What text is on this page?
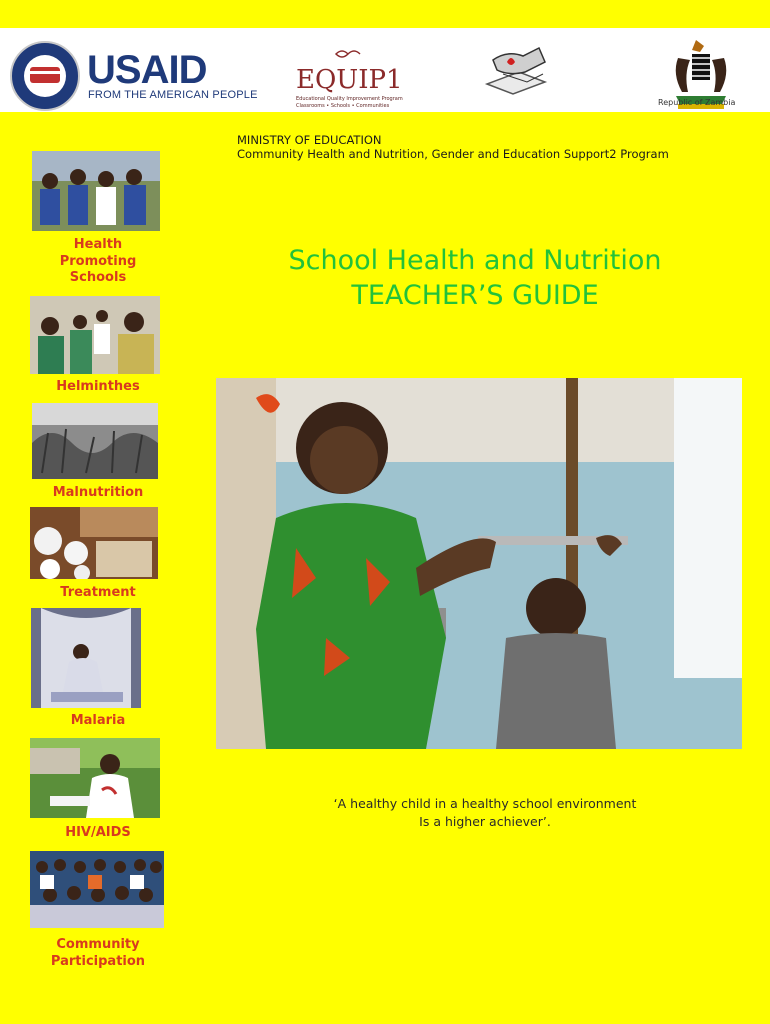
USAID
FROM THE AMERICAN PEOPLE EQUIP1
Educational Quality Improvement Program
Classrooms • Schools • Communities	Republic of Zambia
MINISTRY OF EDUCATION
Community Health and Nutrition, Gender and Education Support2 Program
School Health and Nutrition
TEACHER’S GUIDE
Health Promoting Schools
Helminthes
Malnutrition
Treatment
Malaria
HIV/AIDS
Community Participation
‘A healthy child in a healthy school environment
Is a higher achiever’.
